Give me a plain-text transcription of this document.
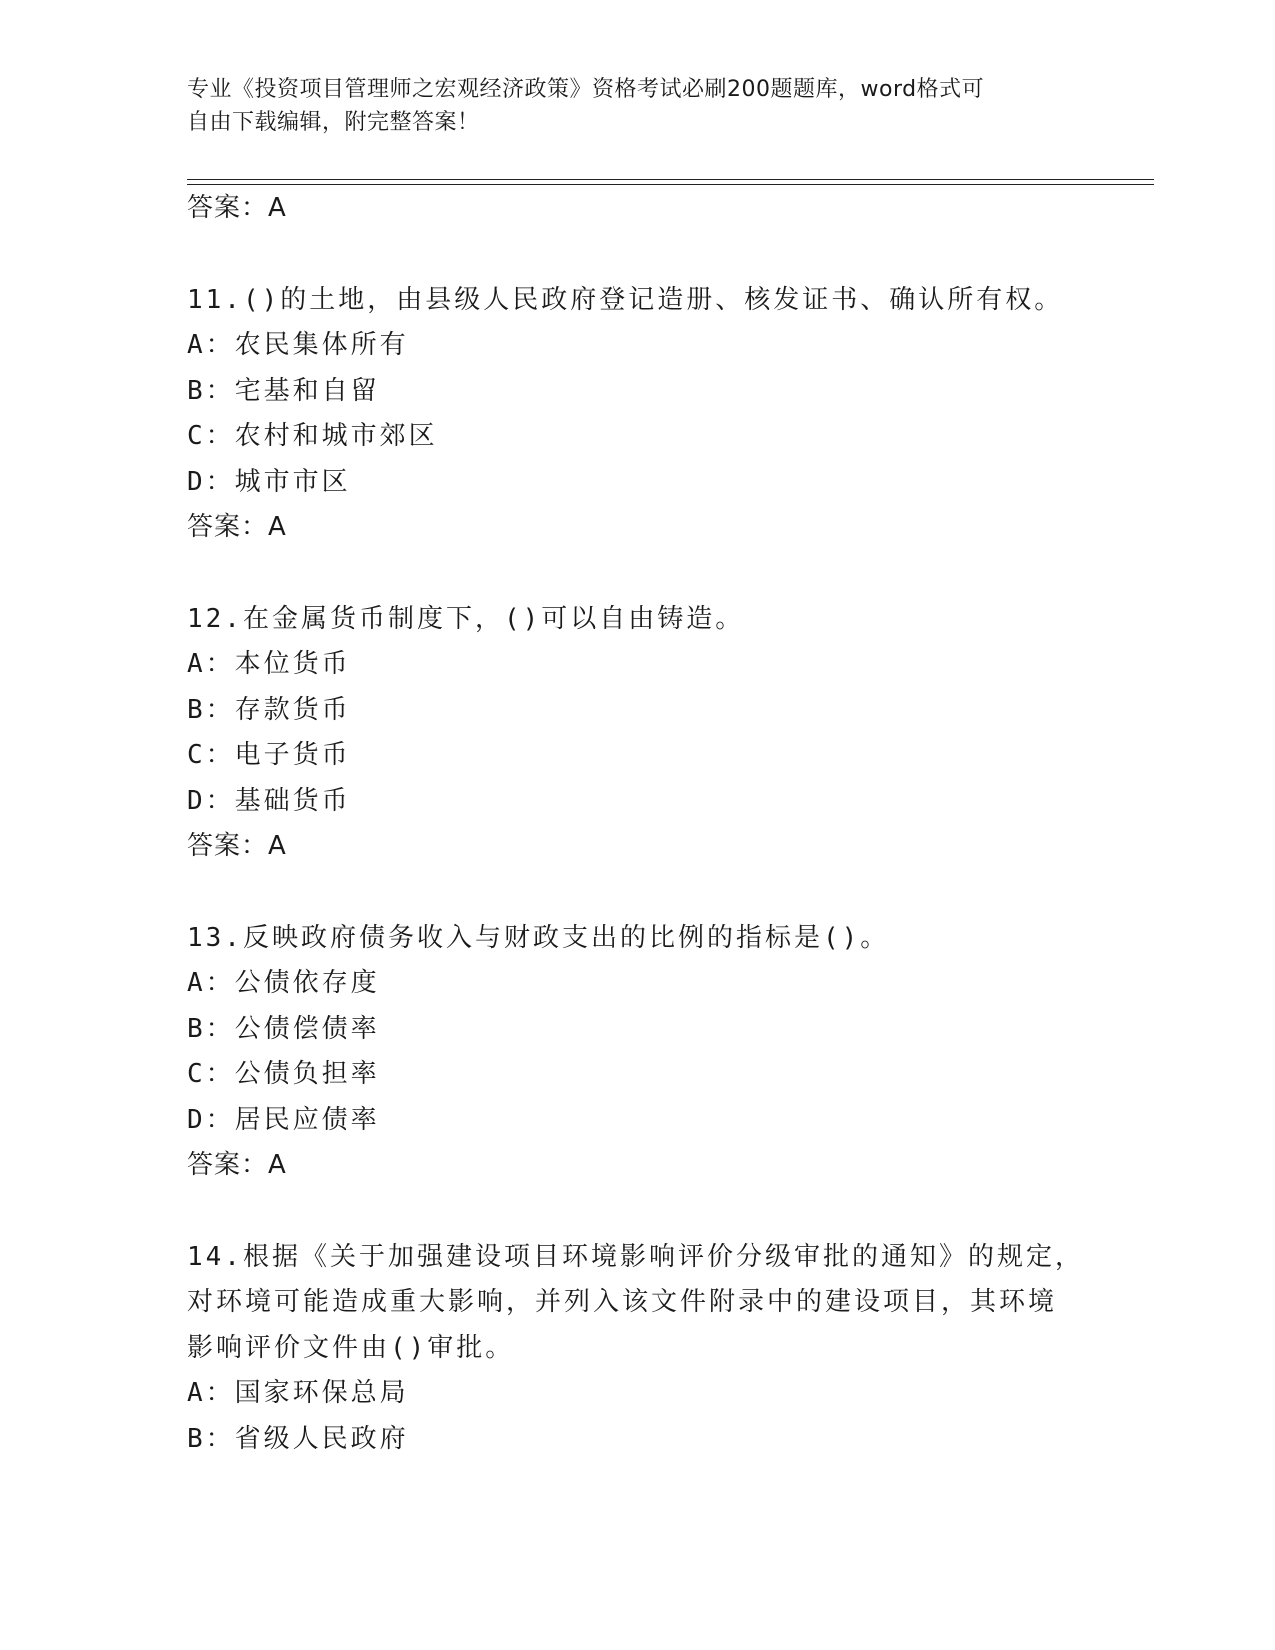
专业《投资项目管理师之宏观经济政策》资格考试必刷200题题库，word格式可
自由下载编辑，附完整答案！
答案：A
11.()的土地，由县级人民政府登记造册、核发证书、确认所有权。
A：农民集体所有
B：宅基和自留
C：农村和城市郊区
D：城市市区
答案：A
12.在金属货币制度下，()可以自由铸造。
A：本位货币
B：存款货币
C：电子货币
D：基础货币
答案：A
13.反映政府债务收入与财政支出的比例的指标是()。
A：公债依存度
B：公债偿债率
C：公债负担率
D：居民应债率
答案：A
14.根据《关于加强建设项目环境影响评价分级审批的通知》的规定，
对环境可能造成重大影响，并列入该文件附录中的建设项目，其环境
影响评价文件由()审批。
A：国家环保总局
B：省级人民政府
